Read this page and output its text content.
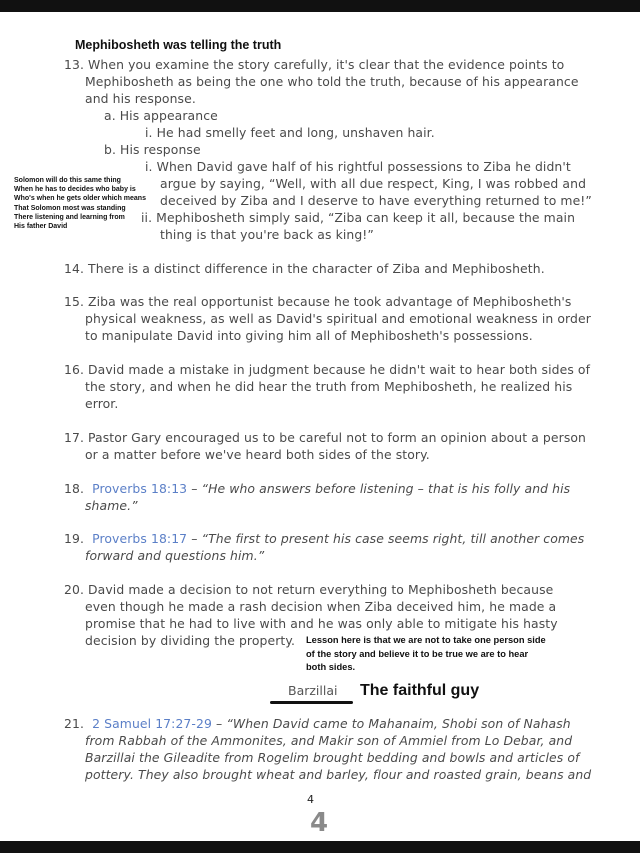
Mephibosheth was telling the truth
13. When you examine the story carefully, it's clear that the evidence points to
Mephibosheth as being the one who told the truth, because of his appearance
and his response.
a. His appearance
i. He had smelly feet and long, unshaven hair.
b. His response
i. When David gave half of his rightful possessions to Ziba he didn't
argue by saying, “Well, with all due respect, King, I was robbed and
deceived by Ziba and I deserve to have everything returned to me!”
ii. Mephibosheth simply said, “Ziba can keep it all, because the main
thing is that you're back as king!”
Solomon will do this same thing
When he has to decides who baby is
Who's when he gets older which means
That Solomon most was standing
There listening and learning from
His father David
14. There is a distinct difference in the character of Ziba and Mephibosheth.
15. Ziba was the real opportunist because he took advantage of Mephibosheth's
physical weakness, as well as David's spiritual and emotional weakness in order
to manipulate David into giving him all of Mephibosheth's possessions.
16. David made a mistake in judgment because he didn't wait to hear both sides of
the story, and when he did hear the truth from Mephibosheth, he realized his
error.
17. Pastor Gary encouraged us to be careful not to form an opinion about a person
or a matter before we've heard both sides of the story.
18. Proverbs 18:13 – “He who answers before listening – that is his folly and his
shame.”
19. Proverbs 18:17 – “The first to present his case seems right, till another comes
forward and questions him.”
20. David made a decision to not return everything to Mephibosheth because
even though he made a rash decision when Ziba deceived him, he made a
promise that he had to live with and he was only able to mitigate his hasty
decision by dividing the property. Lesson here is that we are not to take one person side
of the story and believe it to be true we are to hear
both sides.
Barzillai The faithful guy
21. 2 Samuel 17:27-29 – “When David came to Mahanaim, Shobi son of Nahash
from Rabbah of the Ammonites, and Makir son of Ammiel from Lo Debar, and
Barzillai the Gileadite from Rogelim brought bedding and bowls and articles of
pottery. They also brought wheat and barley, flour and roasted grain, beans and
4
4
